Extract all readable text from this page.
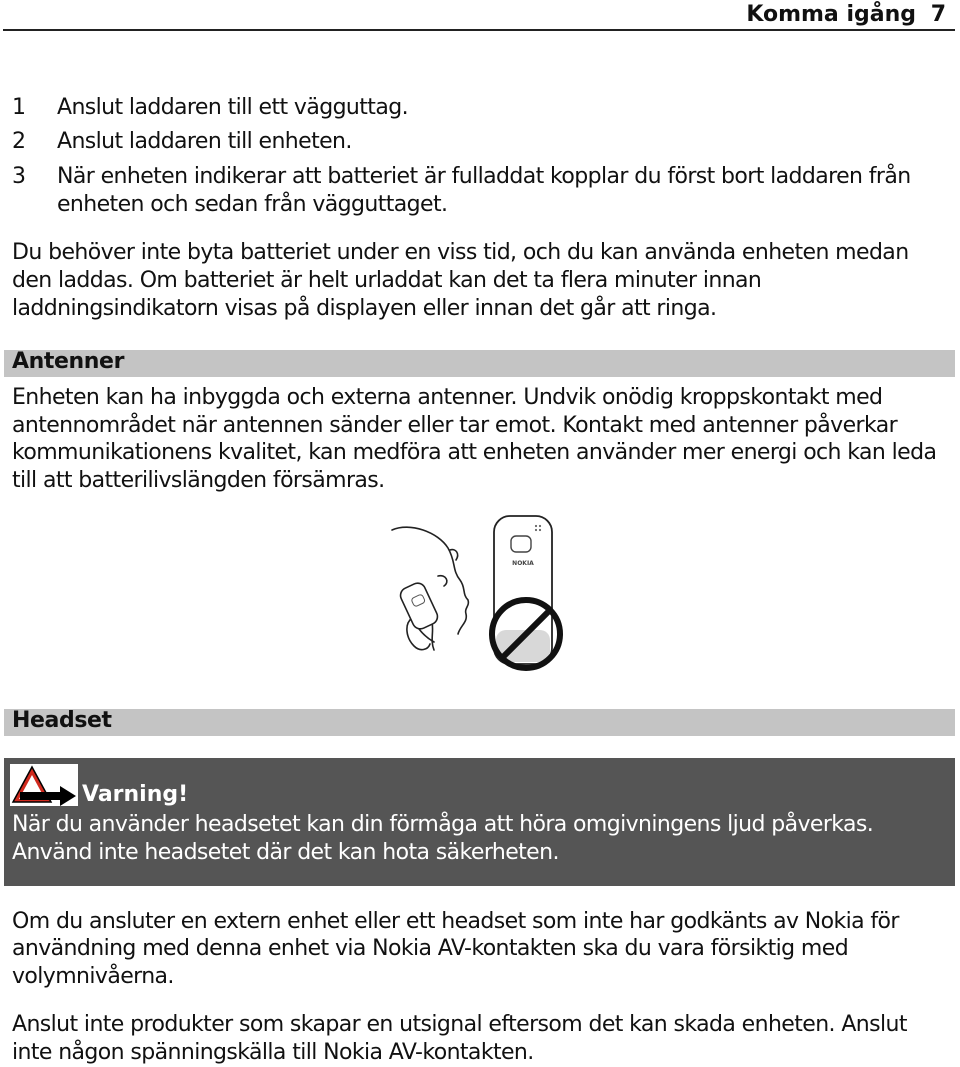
Komma igång 7
1 Anslut laddaren till ett vägguttag.
2 Anslut laddaren till enheten.
3 När enheten indikerar att batteriet är fulladdat kopplar du först bort laddaren från
enheten och sedan från vägguttaget.
Du behöver inte byta batteriet under en viss tid, och du kan använda enheten medan
den laddas. Om batteriet är helt urladdat kan det ta flera minuter innan
laddningsindikatorn visas på displayen eller innan det går att ringa.
Antenner
Enheten kan ha inbyggda och externa antenner. Undvik onödig kroppskontakt med
antennområdet när antennen sänder eller tar emot. Kontakt med antenner påverkar
kommunikationens kvalitet, kan medföra att enheten använder mer energi och kan leda
till att batterilivslängden försämras.
NOKIA
Headset
Varning!
När du använder headsetet kan din förmåga att höra omgivningens ljud påverkas.
Använd inte headsetet där det kan hota säkerheten.
Om du ansluter en extern enhet eller ett headset som inte har godkänts av Nokia för
användning med denna enhet via Nokia AV-kontakten ska du vara försiktig med
volymnivåerna.
Anslut inte produkter som skapar en utsignal eftersom det kan skada enheten. Anslut
inte någon spänningskälla till Nokia AV-kontakten.
